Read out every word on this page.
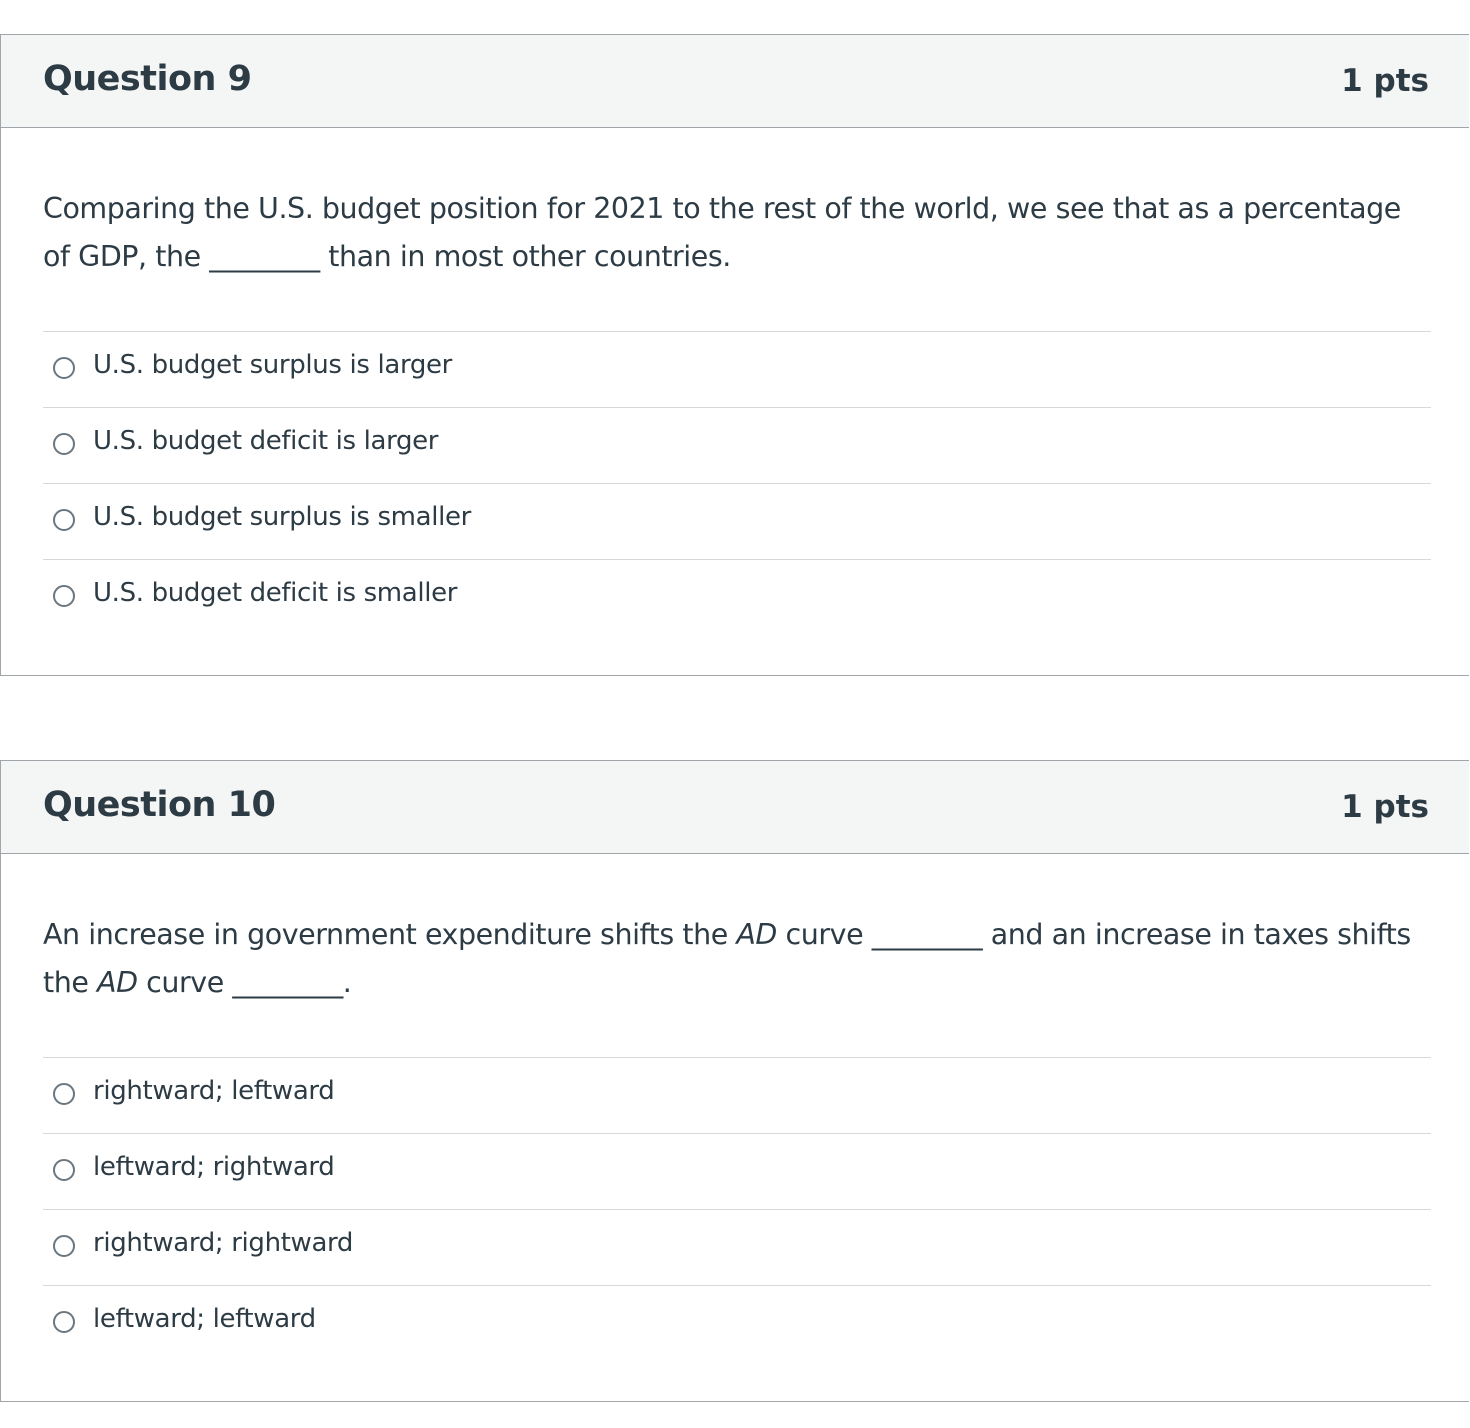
Question 9	1 pts
Comparing the U.S. budget position for 2021 to the rest of the world, we see that as a percentage of GDP, the ________ than in most other countries.
U.S. budget surplus is larger
U.S. budget deficit is larger
U.S. budget surplus is smaller
U.S. budget deficit is smaller
Question 10	1 pts
An increase in government expenditure shifts the AD curve ________ and an increase in taxes shifts the AD curve ________.
rightward; leftward
leftward; rightward
rightward; rightward
leftward; leftward
